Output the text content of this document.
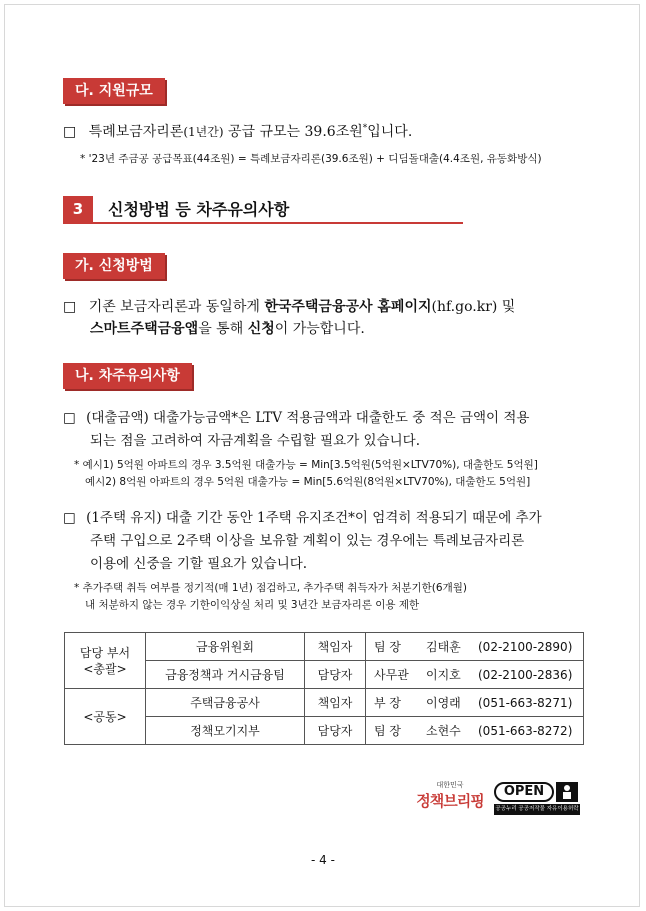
다. 지원규모
□ 특례보금자리론(1년간) 공급 규모는 39.6조원*입니다.
* '23년 주금공 공급목표(44조원) = 특례보금자리론(39.6조원) + 디딤돌대출(4.4조원, 유동화방식)
3	신청방법 등 차주유의사항
가. 신청방법
□ 기존 보금자리론과 동일하게 한국주택금융공사 홈페이지(hf.go.kr) 및
스마트주택금융앱을 통해 신청이 가능합니다.
나. 차주유의사항
□ (대출금액) 대출가능금액*은 LTV 적용금액과 대출한도 중 적은 금액이 적용
되는 점을 고려하여 자금계획을 수립할 필요가 있습니다.
* 예시1) 5억원 아파트의 경우 3.5억원 대출가능 = Min[3.5억원(5억원×LTV70%), 대출한도 5억원]
예시2) 8억원 아파트의 경우 5억원 대출가능 = Min[5.6억원(8억원×LTV70%), 대출한도 5억원]
□ (1주택 유지) 대출 기간 동안 1주택 유지조건*이 엄격히 적용되기 때문에 추가
주택 구입으로 2주택 이상을 보유할 계획이 있는 경우에는 특례보금자리론
이용에 신중을 기할 필요가 있습니다.
* 추가주택 취득 여부를 정기적(매 1년) 점검하고, 추가주택 취득자가 처분기한(6개월)
내 처분하지 않는 경우 기한이익상실 처리 및 3년간 보금자리론 이용 제한
담당 부서
<총괄>	금융위원회	책임자	팀 장 김태훈 (02-2100-2890)
	금융정책과 거시금융팀	담당자	사무관 이지호 (02-2100-2836)
<공동>	주택금융공사	책임자	부 장 이영래 (051-663-8271)
	정책모기지부	담당자	팀 장 소현수 (051-663-8272)
대한민국
정책브리핑
OPEN
공공누리 공공저작물 자유이용허락
- 4 -
